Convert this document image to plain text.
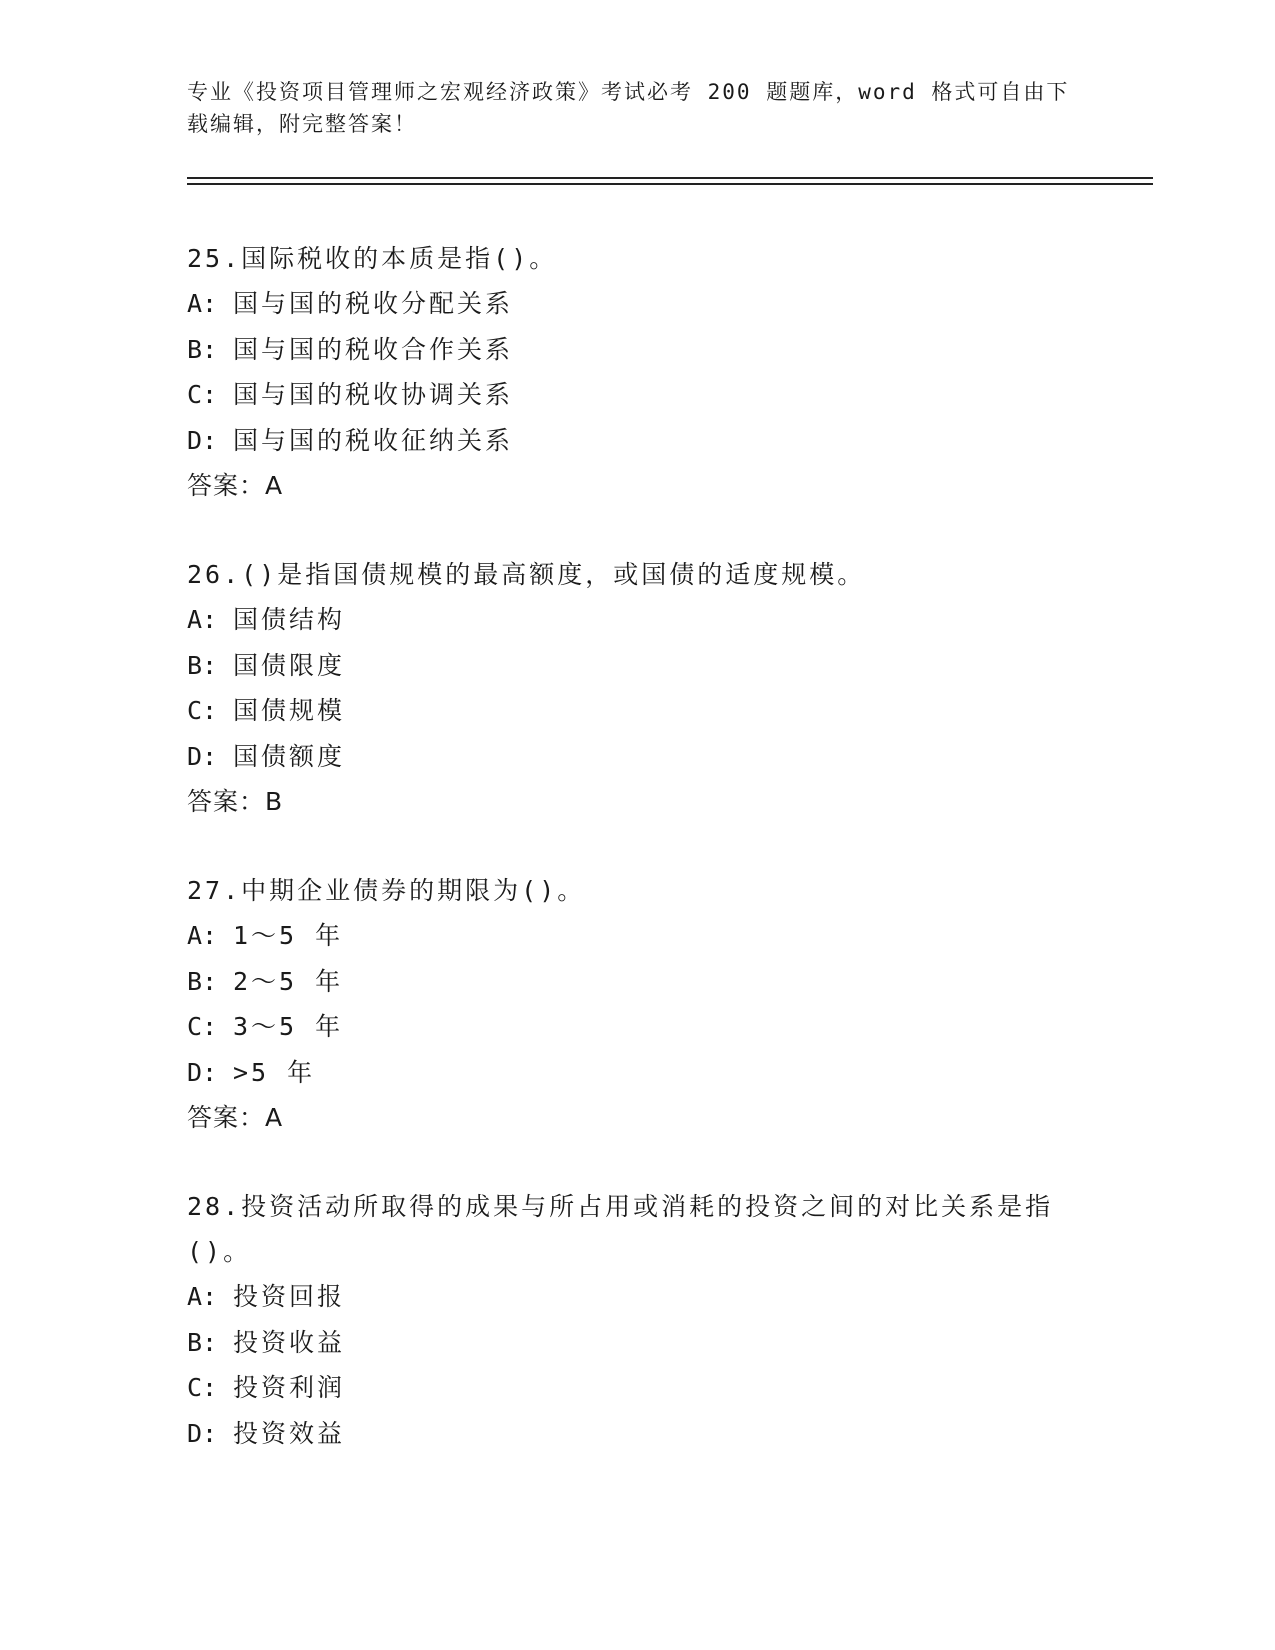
专业《投资项目管理师之宏观经济政策》考试必考 200 题题库，word 格式可自由下载编辑，附完整答案！

25.国际税收的本质是指()。

A: 国与国的税收分配关系

B: 国与国的税收合作关系

C: 国与国的税收协调关系

D: 国与国的税收征纳关系

答案：A

26.()是指国债规模的最高额度，或国债的适度规模。

A: 国债结构

B: 国债限度

C: 国债规模

D: 国债额度

答案：B

27.中期企业债券的期限为()。

A: 1～5 年

B: 2～5 年

C: 3～5 年

D: >5 年

答案：A

28.投资活动所取得的成果与所占用或消耗的投资之间的对比关系是指()。

A: 投资回报

B: 投资收益

C: 投资利润

D: 投资效益
